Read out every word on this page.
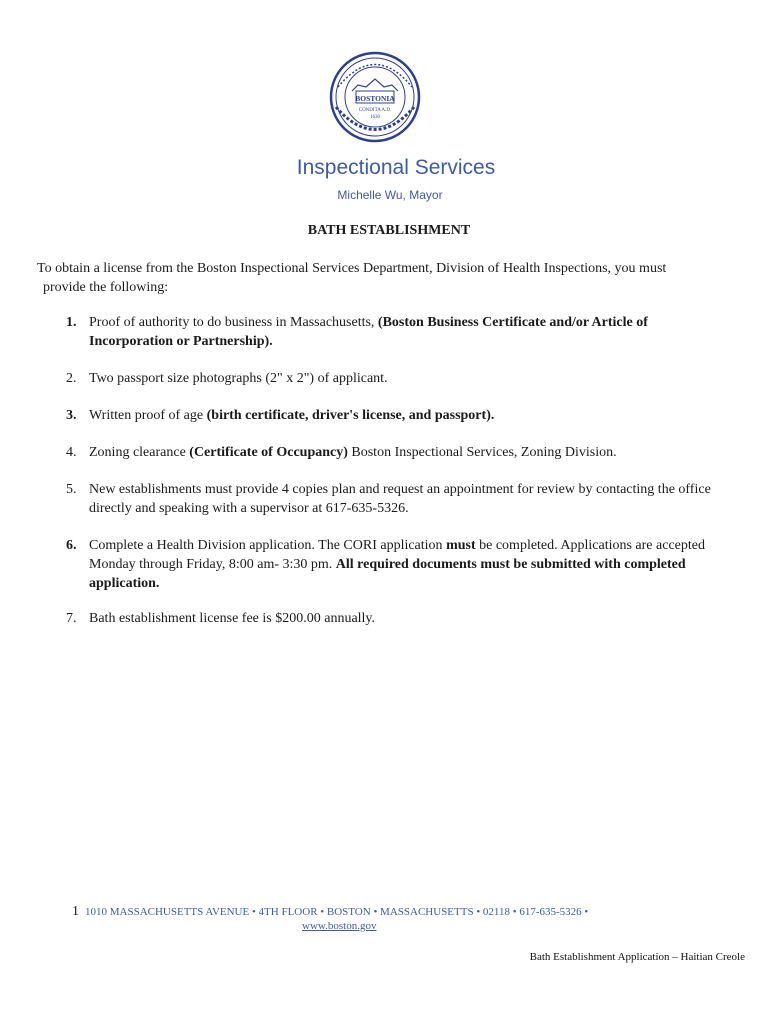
BOSTONIA
CONDITA A.D.
1630
Inspectional Services
Michelle Wu, Mayor
BATH ESTABLISHMENT
To obtain a license from the Boston Inspectional Services Department, Division of Health Inspections, you must
provide the following:
1. Proof of authority to do business in Massachusetts, (Boston Business Certificate and/or Article of Incorporation or Partnership).
2. Two passport size photographs (2" x 2") of applicant.
3. Written proof of age (birth certificate, driver's license, and passport).
4. Zoning clearance (Certificate of Occupancy) Boston Inspectional Services, Zoning Division.
5. New establishments must provide 4 copies plan and request an appointment for review by contacting the office directly and speaking with a supervisor at 617-635-5326.
6. Complete a Health Division application. The CORI application must be completed. Applications are accepted Monday through Friday, 8:00 am- 3:30 pm. All required documents must be submitted with completed application.
7. Bath establishment license fee is $200.00 annually.
1 1010 MASSACHUSETTS AVENUE • 4TH FLOOR • BOSTON • MASSACHUSETTS • 02118 • 617-635-5326 •
www.boston.gov
Bath Establishment Application – Haitian Creole
